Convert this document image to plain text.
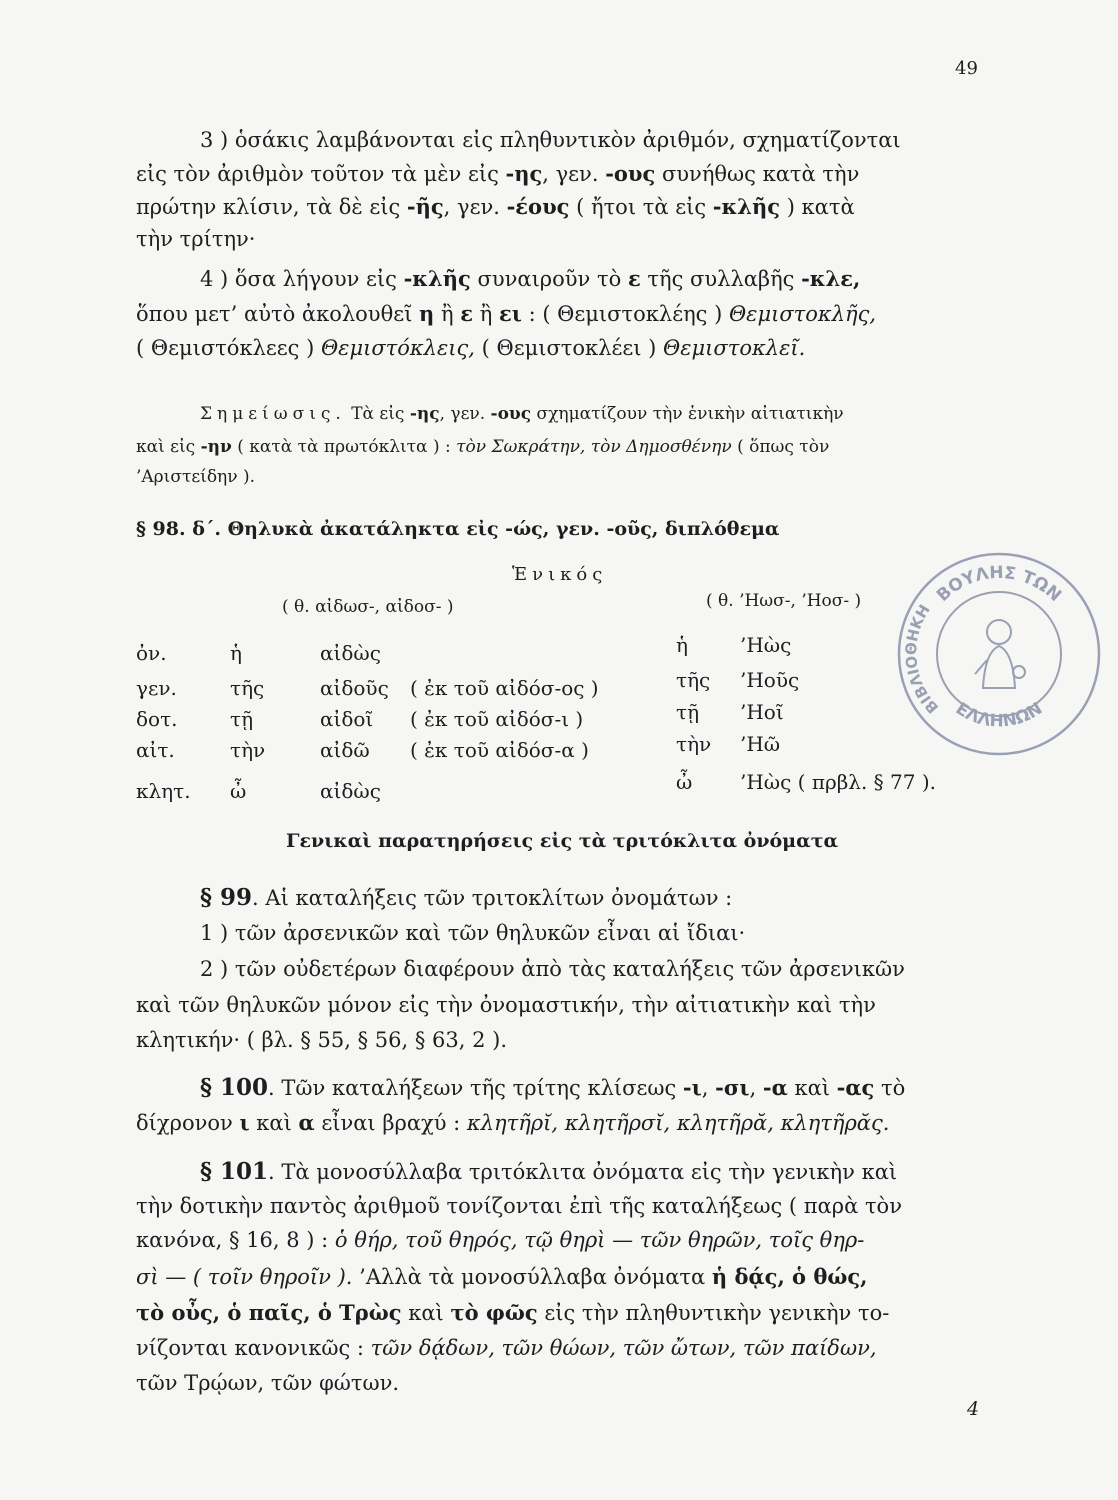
49
3 ) ὁσάκις λαμβάνονται εἰς πληθυντικὸν ἀριθμόν, σχηματίζονται
εἰς τὸν ἀριθμὸν τοῦτον τὰ μὲν εἰς -ης, γεν. -ους συνήθως κατὰ τὴν
πρώτην κλίσιν, τὰ δὲ εἰς -ῆς, γεν. -έους ( ἤτοι τὰ εἰς -κλῆς ) κατὰ
τὴν τρίτην·
4 ) ὅσα λήγουν εἰς -κλῆς συναιροῦν τὸ ε τῆς συλλαβῆς -κλε,
ὅπου μετ’ αὐτὸ ἀκολουθεῖ η ἢ ε ἢ ει : ( Θεμιστοκλέης ) Θεμιστοκλῆς,
( Θεμιστόκλεες ) Θεμιστόκλεις, ( Θεμιστοκλέει ) Θεμιστοκλεῖ.
Σημείωσις. Τὰ εἰς -ης, γεν. -ους σχηματίζουν τὴν ἑνικὴν αἰτιατικὴν
καὶ εἰς -ην ( κατὰ τὰ πρωτόκλιτα ) : τὸν Σωκράτην, τὸν Δημοσθένην ( ὅπως τὸν
’Αριστείδην ).
§ 98. δ΄. Θηλυκὰ ἀκατάληκτα εἰς -ώς, γεν. -οῦς, διπλόθεμα
Ἑνικός
( θ. αἰδωσ-, αἰδοσ- )	( θ. ’Ηωσ-, ’Ηοσ- )
ὀν.	ἡ	αἰδὼς	ἡ	’Ηὼς
γεν.	τῆς	αἰδοῦς ( ἐκ τοῦ αἰδόσ-ος )	τῆς ’Ηοῦς
δοτ.	τῇ	αἰδοῖ ( ἐκ τοῦ αἰδόσ-ι )	τῇ ’Ηοῖ
αἰτ.	τὴν	αἰδῶ ( ἐκ τοῦ αἰδόσ-α )	τὴν ’Ηῶ
κλητ. ὦ	αἰδὼς	ὦ ’Ηὼς ( πρβλ. § 77 ).
Γενικαὶ παρατηρήσεις εἰς τὰ τριτόκλιτα ὀνόματα
§ 99. Αἱ καταλήξεις τῶν τριτοκλίτων ὀνομάτων :
1 ) τῶν ἀρσενικῶν καὶ τῶν θηλυκῶν εἶναι αἱ ἴδιαι·
2 ) τῶν οὐδετέρων διαφέρουν ἀπὸ τὰς καταλήξεις τῶν ἀρσενικῶν
καὶ τῶν θηλυκῶν μόνον εἰς τὴν ὀνομαστικήν, τὴν αἰτιατικὴν καὶ τὴν
κλητικήν· ( βλ. § 55, § 56, § 63, 2 ).
§ 100. Τῶν καταλήξεων τῆς τρίτης κλίσεως -ι, -σι, -α καὶ -ας τὸ
δίχρονον ι καὶ α εἶναι βραχύ : κλητῆρῐ, κλητῆρσῐ, κλητῆρᾰ, κλητῆρᾰς.
§ 101. Τὰ μονοσύλλαβα τριτόκλιτα ὀνόματα εἰς τὴν γενικὴν καὶ
τὴν δοτικὴν παντὸς ἀριθμοῦ τονίζονται ἐπὶ τῆς καταλήξεως ( παρὰ τὸν
κανόνα, § 16, 8 ) : ὁ θήρ, τοῦ θηρός, τῷ θηρὶ — τῶν θηρῶν, τοῖς θηρ-
σὶ — ( τοῖν θηροῖν ). ’Αλλὰ τὰ μονοσύλλαβα ὀνόματα ἡ δᾴς, ὁ θώς,
τὸ οὖς, ὁ παῖς, ὁ Τρὼς καὶ τὸ φῶς εἰς τὴν πληθυντικὴν γενικὴν το-
νίζονται κανονικῶς : τῶν δᾴδων, τῶν θώων, τῶν ὤτων, τῶν παίδων,
τῶν Τρῴων, τῶν φώτων.
4
ΒΟΥΛΗΣ ΤΩΝ
ΕΛΛΗΝΩΝ
ΒΙΒΛΙΟΘΗΚΗ
